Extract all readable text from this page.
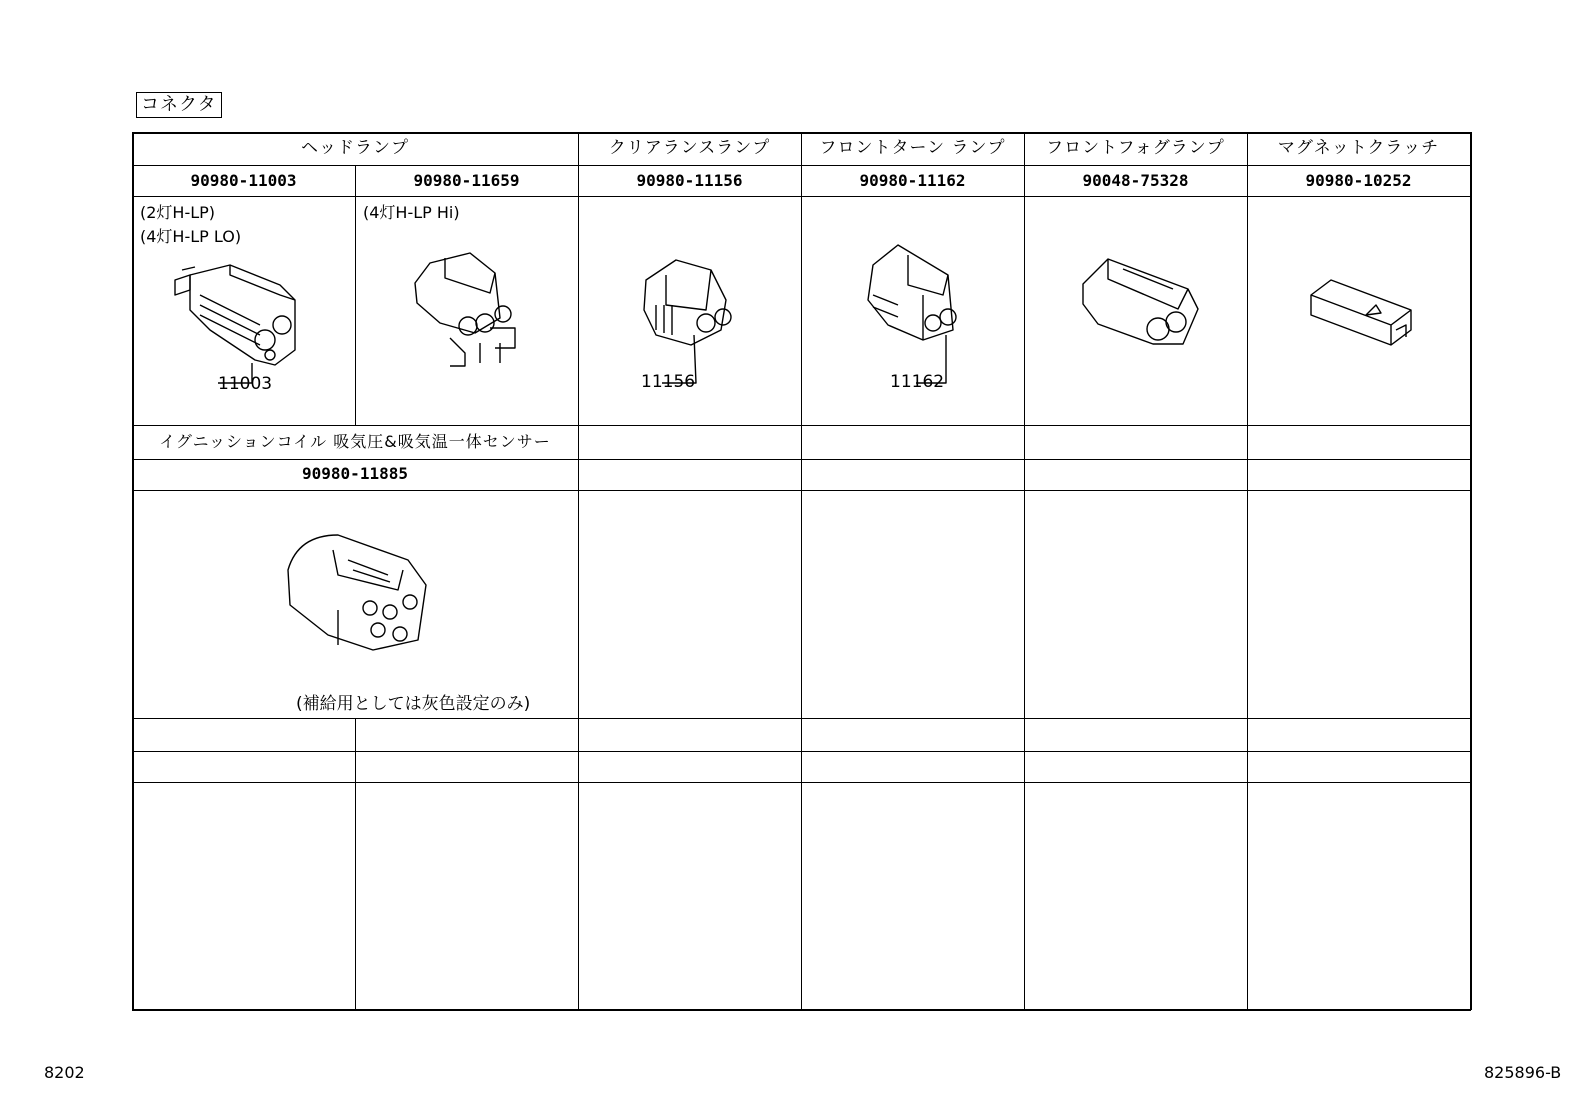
コネクタ
ヘッドランプ	クリアランスランプ	フロントターン ランプ	フロントフォグランプ	マグネットクラッチ
90980-11003	90980-11659	90980-11156	90980-11162	90048-75328	90980-10252
(2灯H-LP)
(4灯H-LP LO)
(4灯H-LP Hi)
11003	11156	11162
イグニッションコイル 吸気圧&吸気温一体センサー
90980-11885
(補給用としては灰色設定のみ)
8202	825896-B
